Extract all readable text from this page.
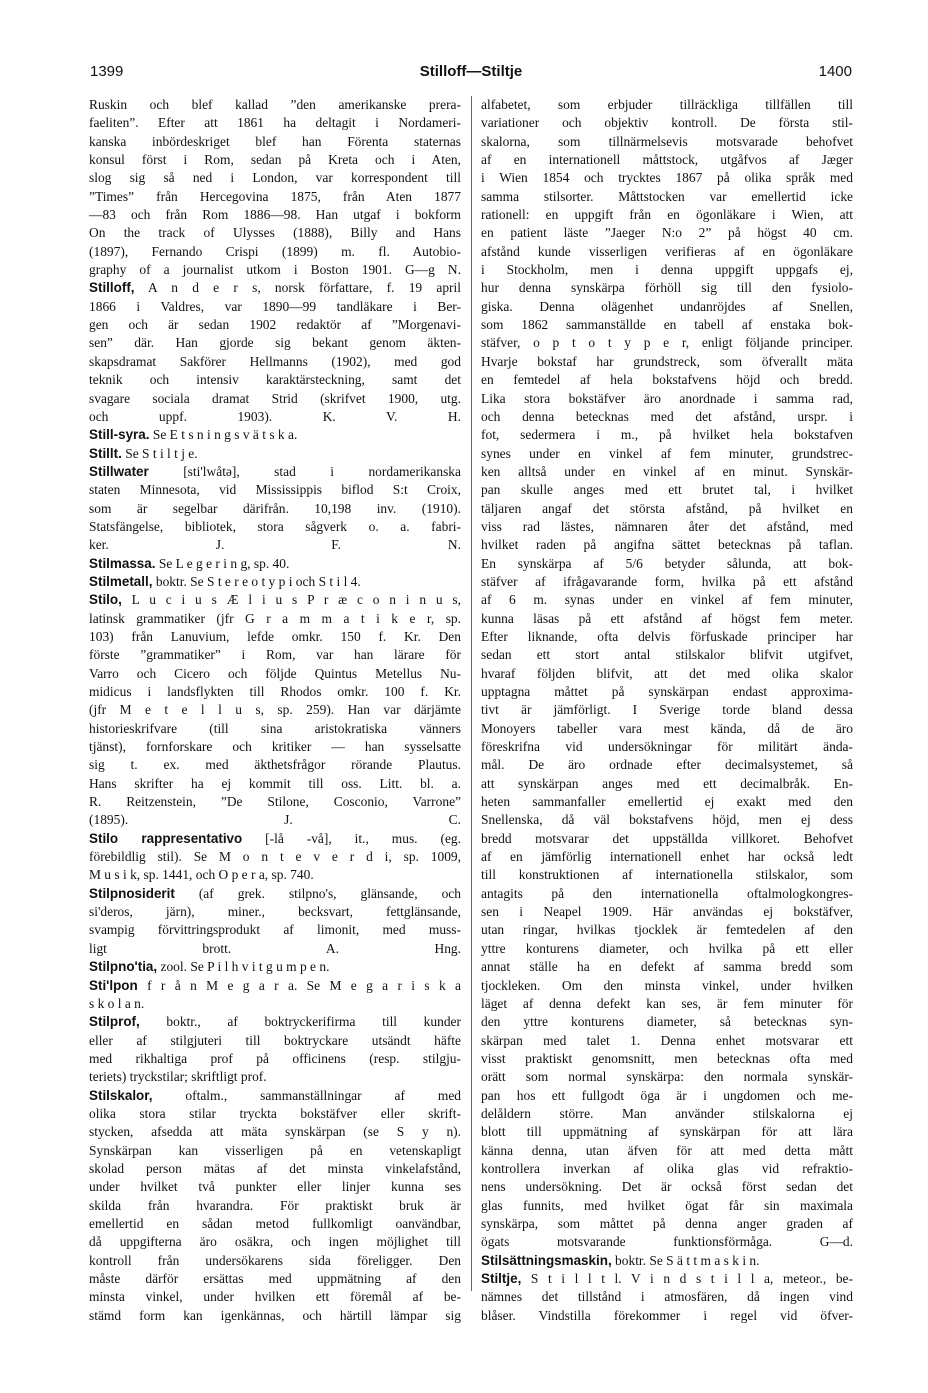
1399	Stilloff—Stiltje	1400
Ruskin och blef kallad ”den amerikanske prera-
faeliten”. Efter att 1861 ha deltagit i Nordameri-
kanska inbördeskriget blef han Förenta staternas
konsul först i Rom, sedan på Kreta och i Aten,
slog sig så ned i London, var korrespondent till
”Times” från Hercegovina 1875, från Aten 1877
—83 och från Rom 1886—98. Han utgaf i bokform
On the track of Ulysses (1888), Billy and Hans
(1897), Fernando Crispi (1899) m. fl. Autobio-
graphy of a journalist utkom i Boston 1901. G—g N.
Stilloff, A n d e r s, norsk författare, f. 19 april
1866 i Valdres, var 1890—99 tandläkare i Ber-
gen och är sedan 1902 redaktör af ”Morgenavi-
sen” där. Han gjorde sig bekant genom äkten-
skapsdramat Sakförer Hellmanns (1902), med god
teknik och intensiv karaktärsteckning, samt det
svagare sociala dramat Strid (skrifvet 1900, utg.
och uppf. 1903). K. V. H.
Still-syra. Se E t s n i n g s v ä t s k a.
Stillt. Se S t i l t j e.
Stillwater [sti'lwåtə], stad i nordamerikanska
staten Minnesota, vid Mississippis biflod S:t Croix,
som är segelbar därifrån. 10,198 inv. (1910).
Statsfängelse, bibliotek, stora sågverk o. a. fabri-
ker. J. F. N.
Stilmassa. Se L e g e r i n g, sp. 40.
Stilmetall, boktr. Se S t e r e o t y p i och S t i l 4.
Stilo, L u c i u s Æ l i u s P r æ c o n i n u s,
latinsk grammatiker (jfr G r a m m a t i k e r, sp.
103) från Lanuvium, lefde omkr. 150 f. Kr. Den
förste ”grammatiker” i Rom, var han lärare för
Varro och Cicero och följde Quintus Metellus Nu-
midicus i landsflykten till Rhodos omkr. 100 f. Kr.
(jfr M e t e l l u s, sp. 259). Han var därjämte
historieskrifvare (till sina aristokratiska vänners
tjänst), fornforskare och kritiker — han sysselsatte
sig t. ex. med äkthetsfrågor rörande Plautus.
Hans skrifter ha ej kommit till oss. Litt. bl. a.
R. Reitzenstein, ”De Stilone, Cosconio, Varrone”
(1895). J. C.
Stilo rappresentativo [-lå -vå], it., mus. (eg.
förebildlig stil). Se M o n t e v e r d i, sp. 1009,
M u s i k, sp. 1441, och O p e r a, sp. 740.
Stilpnosiderit (af grek. stilpno's, glänsande, och
si'deros, järn), miner., becksvart, fettglänsande,
svampig förvittringsprodukt af limonit, med muss-
ligt brott. A. Hng.
Stilpno'tia, zool. Se P i l h v i t g u m p e n.
Sti'lpon f r å n M e g a r a. Se M e g a r i s k a
s k o l a n.
Stilprof, boktr., af boktryckerifirma till kunder
eller af stilgjuteri till boktryckare utsändt häfte
med rikhaltiga prof på officinens (resp. stilgju-
teriets) tryckstilar; skriftligt prof.
Stilskalor, oftalm., sammanställningar af med
olika stora stilar tryckta bokstäfver eller skrift-
stycken, afsedda att mäta synskärpan (se S y n).
Synskärpan kan visserligen på en vetenskapligt
skolad person mätas af det minsta vinkelafstånd,
under hvilket två punkter eller linjer kunna ses
skilda från hvarandra. För praktiskt bruk är
emellertid en sådan metod fullkomligt oanvändbar,
då uppgifterna äro osäkra, och ingen möjlighet till
kontroll från undersökarens sida föreligger. Den
måste därför ersättas med uppmätning af den
minsta vinkel, under hvilken ett föremål af be-
stämd form kan igenkännas, och härtill lämpar sig
alfabetet, som erbjuder tillräckliga tillfällen till
variationer och objektiv kontroll. De första stil-
skalorna, som tillnärmelsevis motsvarade behofvet
af en internationell måttstock, utgåfvos af Jæger
i Wien 1854 och trycktes 1867 på olika språk med
samma stilsorter. Måttstocken var emellertid icke
rationell: en uppgift från en ögonläkare i Wien, att
en patient läste ”Jaeger N:o 2” på högst 40 cm.
afstånd kunde visserligen verifieras af en ögonläkare
i Stockholm, men i denna uppgift uppgafs ej,
hur denna synskärpa förhöll sig till den fysiolo-
giska. Denna olägenhet undanröjdes af Snellen,
som 1862 sammanställde en tabell af enstaka bok-
stäfver, o p t o t y p e r, enligt följande principer.
Hvarje bokstaf har grundstreck, som öfverallt mäta
en femtedel af hela bokstafvens höjd och bredd.
Lika stora bokstäfver äro anordnade i samma rad,
och denna betecknas med det afstånd, urspr. i
fot, sedermera i m., på hvilket hela bokstafven
synes under en vinkel af fem minuter, grundstrec-
ken alltså under en vinkel af en minut. Synskär-
pan skulle anges med ett brutet tal, i hvilket
täljaren angaf det största afstånd, på hvilket en
viss rad lästes, nämnaren åter det afstånd, med
hvilket raden på angifna sättet betecknas på taflan.
En synskärpa af 5/6 betyder sålunda, att bok-
stäfver af ifrågavarande form, hvilka på ett afstånd
af 6 m. synas under en vinkel af fem minuter,
kunna läsas på ett afstånd af högst fem meter.
Efter liknande, ofta delvis förfuskade principer har
sedan ett stort antal stilskalor blifvit utgifvet,
hvaraf följden blifvit, att det med olika skalor
upptagna måttet på synskärpan endast approxima-
tivt är jämförligt. I Sverige torde bland dessa
Monoyers tabeller vara mest kända, då de äro
föreskrifna vid undersökningar för militärt ända-
mål. De äro ordnade efter decimalsystemet, så
att synskärpan anges med ett decimalbråk. En-
heten sammanfaller emellertid ej exakt med den
Snellenska, då väl bokstafvens höjd, men ej dess
bredd motsvarar det uppställda villkoret. Behofvet
af en jämförlig internationell enhet har också ledt
till konstruktionen af internationella stilskalor, som
antagits på den internationella oftalmologkongres-
sen i Neapel 1909. Här användas ej bokstäfver,
utan ringar, hvilkas tjocklek är femtedelen af den
yttre konturens diameter, och hvilka på ett eller
annat ställe ha en defekt af samma bredd som
tjockleken. Om den minsta vinkel, under hvilken
läget af denna defekt kan ses, är fem minuter för
den yttre konturens diameter, så betecknas syn-
skärpan med talet 1. Denna enhet motsvarar ett
visst praktiskt genomsnitt, men betecknas ofta med
orätt som normal synskärpa: den normala synskär-
pan hos ett fullgodt öga är i ungdomen och me-
delåldern större. Man använder stilskalorna ej
blott till uppmätning af synskärpan för att lära
känna denna, utan äfven för att med detta mått
kontrollera inverkan af olika glas vid refraktio-
nens undersökning. Det är också först sedan det
glas funnits, med hvilket ögat får sin maximala
synskärpa, som måttet på denna anger graden af
ögats motsvarande funktionsförmåga. G—d.
Stilsättningsmaskin, boktr. Se S ä t t m a s k i n.
Stiltje, S t i l l t l. V i n d s t i l l a, meteor., be-
nämnes det tillstånd i atmosfären, då ingen vind
blåser. Vindstilla förekommer i regel vid öfver-
